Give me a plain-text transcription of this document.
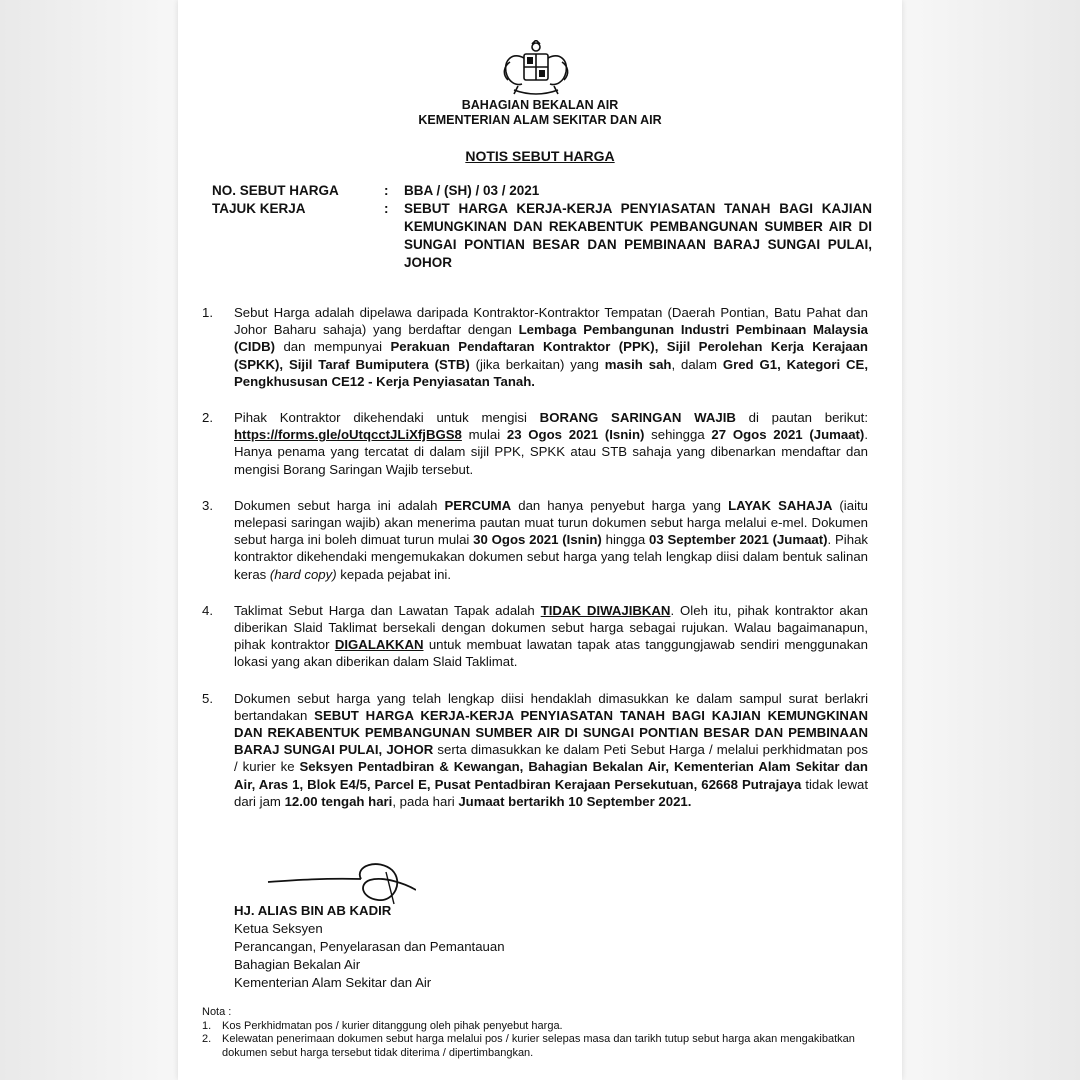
BAHAGIAN BEKALAN AIR
KEMENTERIAN ALAM SEKITAR DAN AIR
NOTIS SEBUT HARGA
NO. SEBUT HARGA	:	BBA / (SH) / 03 / 2021
TAJUK KERJA	:	SEBUT HARGA KERJA-KERJA PENYIASATAN TANAH BAGI KAJIAN KEMUNGKINAN DAN REKABENTUK PEMBANGUNAN SUMBER AIR DI SUNGAI PONTIAN BESAR DAN PEMBINAAN BARAJ SUNGAI PULAI, JOHOR
1.	Sebut Harga adalah dipelawa daripada Kontraktor-Kontraktor Tempatan (Daerah Pontian, Batu Pahat dan Johor Baharu sahaja) yang berdaftar dengan Lembaga Pembangunan Industri Pembinaan Malaysia (CIDB) dan mempunyai Perakuan Pendaftaran Kontraktor (PPK), Sijil Perolehan Kerja Kerajaan (SPKK), Sijil Taraf Bumiputera (STB) (jika berkaitan) yang masih sah, dalam Gred G1, Kategori CE, Pengkhususan CE12 - Kerja Penyiasatan Tanah.
2.	Pihak Kontraktor dikehendaki untuk mengisi BORANG SARINGAN WAJIB di pautan berikut: https://forms.gle/oUtqcctJLiXfjBGS8 mulai 23 Ogos 2021 (Isnin) sehingga 27 Ogos 2021 (Jumaat). Hanya penama yang tercatat di dalam sijil PPK, SPKK atau STB sahaja yang dibenarkan mendaftar dan mengisi Borang Saringan Wajib tersebut.
3.	Dokumen sebut harga ini adalah PERCUMA dan hanya penyebut harga yang LAYAK SAHAJA (iaitu melepasi saringan wajib) akan menerima pautan muat turun dokumen sebut harga melalui e-mel. Dokumen sebut harga ini boleh dimuat turun mulai 30 Ogos 2021 (Isnin) hingga 03 September 2021 (Jumaat). Pihak kontraktor dikehendaki mengemukakan dokumen sebut harga yang telah lengkap diisi dalam bentuk salinan keras (hard copy) kepada pejabat ini.
4.	Taklimat Sebut Harga dan Lawatan Tapak adalah TIDAK DIWAJIBKAN. Oleh itu, pihak kontraktor akan diberikan Slaid Taklimat bersekali dengan dokumen sebut harga sebagai rujukan. Walau bagaimanapun, pihak kontraktor DIGALAKKAN untuk membuat lawatan tapak atas tanggungjawab sendiri menggunakan lokasi yang akan diberikan dalam Slaid Taklimat.
5.	Dokumen sebut harga yang telah lengkap diisi hendaklah dimasukkan ke dalam sampul surat berlakri bertandakan SEBUT HARGA KERJA-KERJA PENYIASATAN TANAH BAGI KAJIAN KEMUNGKINAN DAN REKABENTUK PEMBANGUNAN SUMBER AIR DI SUNGAI PONTIAN BESAR DAN PEMBINAAN BARAJ SUNGAI PULAI, JOHOR serta dimasukkan ke dalam Peti Sebut Harga / melalui perkhidmatan pos / kurier ke Seksyen Pentadbiran & Kewangan, Bahagian Bekalan Air, Kementerian Alam Sekitar dan Air, Aras 1, Blok E4/5, Parcel E, Pusat Pentadbiran Kerajaan Persekutuan, 62668 Putrajaya tidak lewat dari jam 12.00 tengah hari, pada hari Jumaat bertarikh 10 September 2021.
HJ. ALIAS BIN AB KADIR
Ketua Seksyen
Perancangan, Penyelarasan dan Pemantauan
Bahagian Bekalan Air
Kementerian Alam Sekitar dan Air
Nota :
1. Kos Perkhidmatan pos / kurier ditanggung oleh pihak penyebut harga.
2. Kelewatan penerimaan dokumen sebut harga melalui pos / kurier selepas masa dan tarikh tutup sebut harga akan mengakibatkan dokumen sebut harga tersebut tidak diterima / dipertimbangkan.
